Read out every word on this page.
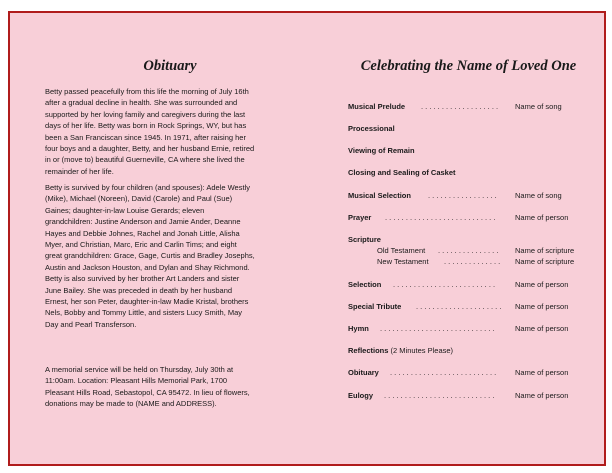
Obituary

Betty passed peacefully from this life the morning of July 16th
after a gradual decline in health. She was surrounded and
supported by her loving family and caregivers during the last
days of her life. Betty was born in Rock Springs, WY, but has
been a San Franciscan since 1945. In 1971, after raising her
four boys and a daughter, Betty, and her husband Ernie, retired
in or (move to) beautiful Guerneville, CA where she lived the
remainder of her life.

Betty is survived by four children (and spouses): Adele Westly
(Mike), Michael (Noreen), David (Carole) and Paul (Sue)
Gaines; daughter-in-law Louise Gerards; eleven
grandchildren: Justine Anderson and Jamie Ander, Deanne
Hayes and Debbie Johnes, Rachel and Jonah Little, Alisha
Myer, and Christian, Marc, Eric and Carlin Tims; and eight
great grandchildren: Grace, Gage, Curtis and Bradley Josephs,
Austin and Jackson Houston, and Dylan and Shay Richmond.
Betty is also survived by her brother Art Landers and sister
June Bailey. She was preceded in death by her husband
Ernest, her son Peter, daughter-in-law Madie Kristal, brothers
Nels, Bobby and Tommy Little, and sisters Lucy Smith, May
Day and Pearl Transferson.

A memorial service will be held on Thursday, July 30th at
11:00am. Location: Pleasant Hills Memorial Park, 1700
Pleasant Hills Road, Sebastopol, CA 95472. In lieu of flowers,
donations may be made to (NAME and ADDRESS).

Celebrating the Name of Loved One
Musical Prelude . . . . . . . . . . . . . . . . . . . Name of song
Processional
Viewing of Remain
Closing and Sealing of Casket
Musical Selection . . . . . . . . . . . . . . . . . Name of song
Prayer . . . . . . . . . . . . . . . . . . . . . . . . . . .	Name of person
Scripture
Old Testament . . . . . . . . . . . . . . . Name of scripture
New Testament . . . . . . . . . . . . . . Name of scripture
Selection . . . . . . . . . . . . . . . . . . . . . . . . .	Name of person
Special Tribute . . . . . . . . . . . . . . . . . . . . . Name of person
Hymn . . . . . . . . . . . . . . . . . . . . . . . . . . . .	Name of person
Reflections (2 Minutes Please)
Obituary . . . . . . . . . . . . . . . . . . . . . . . . . . Name of person
Eulogy . . . . . . . . . . . . . . . . . . . . . . . . . . .	Name of person
